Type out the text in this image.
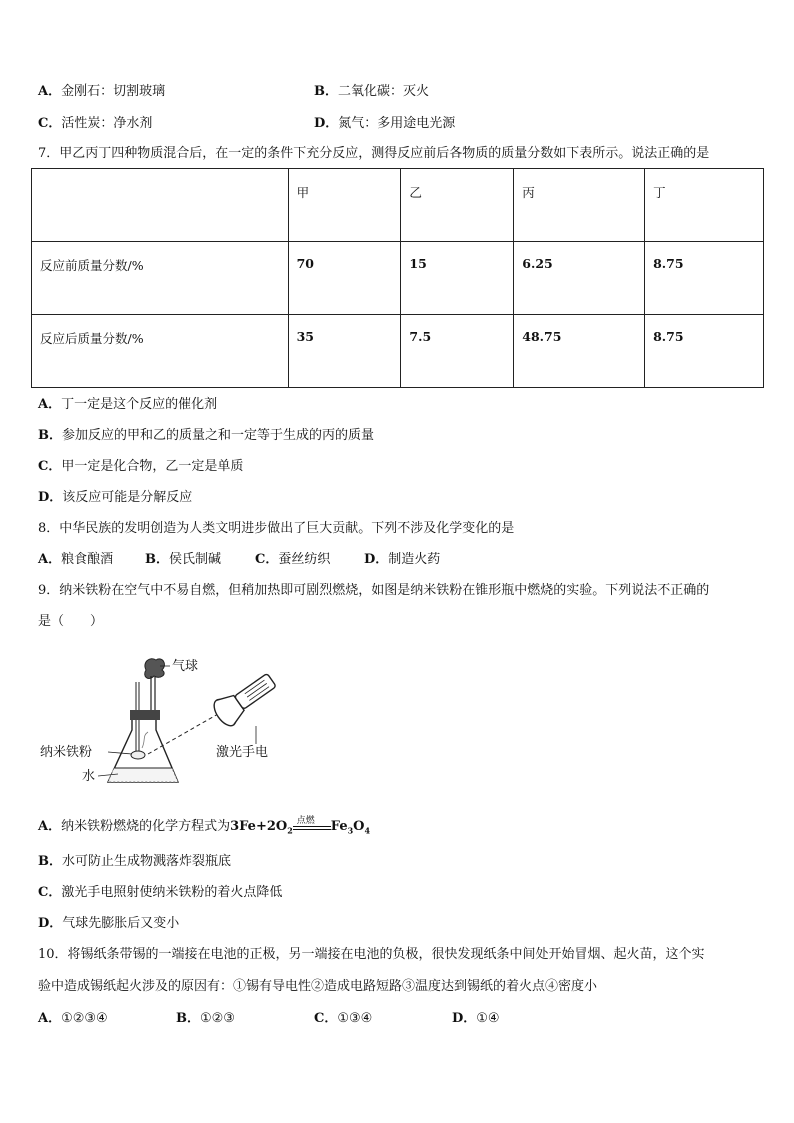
A．金刚石：切割玻璃	B．二氧化碳：灭火
C．活性炭：净水剂	D．氮气：多用途电光源
7．甲乙丙丁四种物质混合后，在一定的条件下充分反应，测得反应前后各物质的质量分数如下表所示。说法正确的是
	甲	乙	丙	丁
反应前质量分数/%	70	15	6.25	8.75
反应后质量分数/%	35	7.5	48.75	8.75
A．丁一定是这个反应的催化剂
B．参加反应的甲和乙的质量之和一定等于生成的丙的质量
C．甲一定是化合物，乙一定是单质
D．该反应可能是分解反应
8．中华民族的发明创造为人类文明进步做出了巨大贡献。下列不涉及化学变化的是
A．粮食酿酒 B．侯氏制碱	C．蚕丝纺织	D．制造火药
9．纳米铁粉在空气中不易自燃，但稍加热即可剧烈燃烧，如图是纳米铁粉在锥形瓶中燃烧的实验。下列说法不正确的
是（　　）
气球
纳米铁粉
水
激光手电
A．纳米铁粉燃烧的化学方程式为$3Fe+2O_2$
点燃 $Fe_3O_4$
B．水可防止生成物溅落炸裂瓶底
C．激光手电照射使纳米铁粉的着火点降低
D．气球先膨胀后又变小
10．将锡纸条带锡的一端接在电池的正极，另一端接在电池的负极，很快发现纸条中间处开始冒烟、起火苗，这个实
验中造成锡纸起火涉及的原因有：①锡有导电性②造成电路短路③温度达到锡纸的着火点④密度小
A．①②③④	B．①②③	C．①③④	D．①④
